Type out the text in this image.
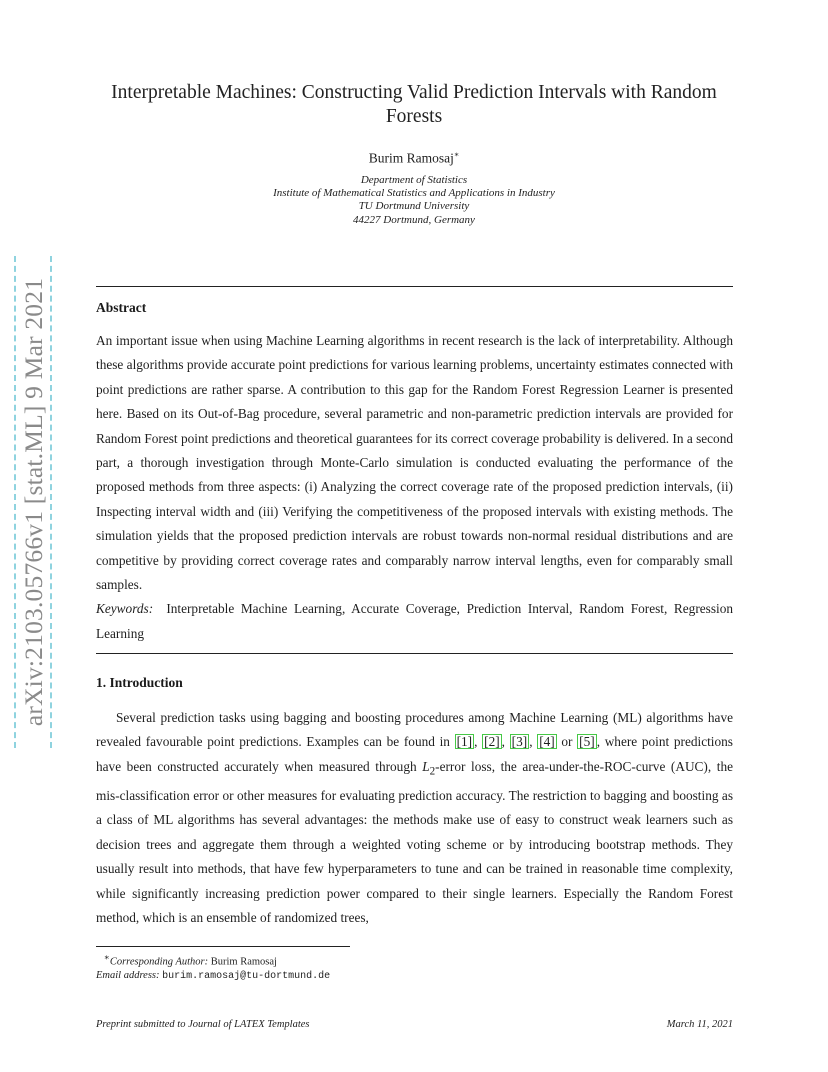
arXiv:2103.05766v1 [stat.ML] 9 Mar 2021
Interpretable Machines: Constructing Valid Prediction Intervals with Random
Forests
Burim Ramosaj∗
Department of Statistics
Institute of Mathematical Statistics and Applications in Industry
TU Dortmund University
44227 Dortmund, Germany
Abstract
An important issue when using Machine Learning algorithms in recent research is the lack of interpretability. Although these algorithms provide accurate point predictions for various learning problems, uncertainty estimates connected with point predictions are rather sparse. A contribution to this gap for the Random Forest Regression Learner is presented here. Based on its Out-of-Bag procedure, several parametric and non-parametric prediction intervals are provided for Random Forest point predictions and theoretical guarantees for its correct coverage probability is delivered. In a second part, a thorough investigation through Monte-Carlo simulation is conducted evaluating the performance of the proposed methods from three aspects: (i) Analyzing the correct coverage rate of the proposed prediction intervals, (ii) Inspecting interval width and (iii) Verifying the competitiveness of the proposed intervals with existing methods. The simulation yields that the proposed prediction intervals are robust towards non-normal residual distributions and are competitive by providing correct coverage rates and comparably narrow interval lengths, even for comparably small samples.
Keywords: Interpretable Machine Learning, Accurate Coverage, Prediction Interval, Random Forest, Regression Learning
1. Introduction
Several prediction tasks using bagging and boosting procedures among Machine Learning (ML) algorithms have revealed favourable point predictions. Examples can be found in [1] , [2] , [3] , [4] or [5] , where point predictions have been constructed accurately when measured through $L_2$-error loss, the area-under-the-ROC-curve (AUC), the mis-classification error or other measures for evaluating prediction accuracy. The restriction to bagging and boosting as a class of ML algorithms has several advantages: the methods make use of easy to construct weak learners such as decision trees and aggregate them through a weighted voting scheme or by introducing bootstrap methods. They usually result into methods, that have few hyperparameters to tune and can be trained in reasonable time complexity, while significantly increasing prediction power compared to their single learners. Especially the Random Forest method, which is an ensemble of randomized trees,
∗Corresponding Author: Burim Ramosaj
Email address: burim.ramosaj@tu-dortmund.de
Preprint submitted to Journal of LATEX Templates	March 11, 2021
